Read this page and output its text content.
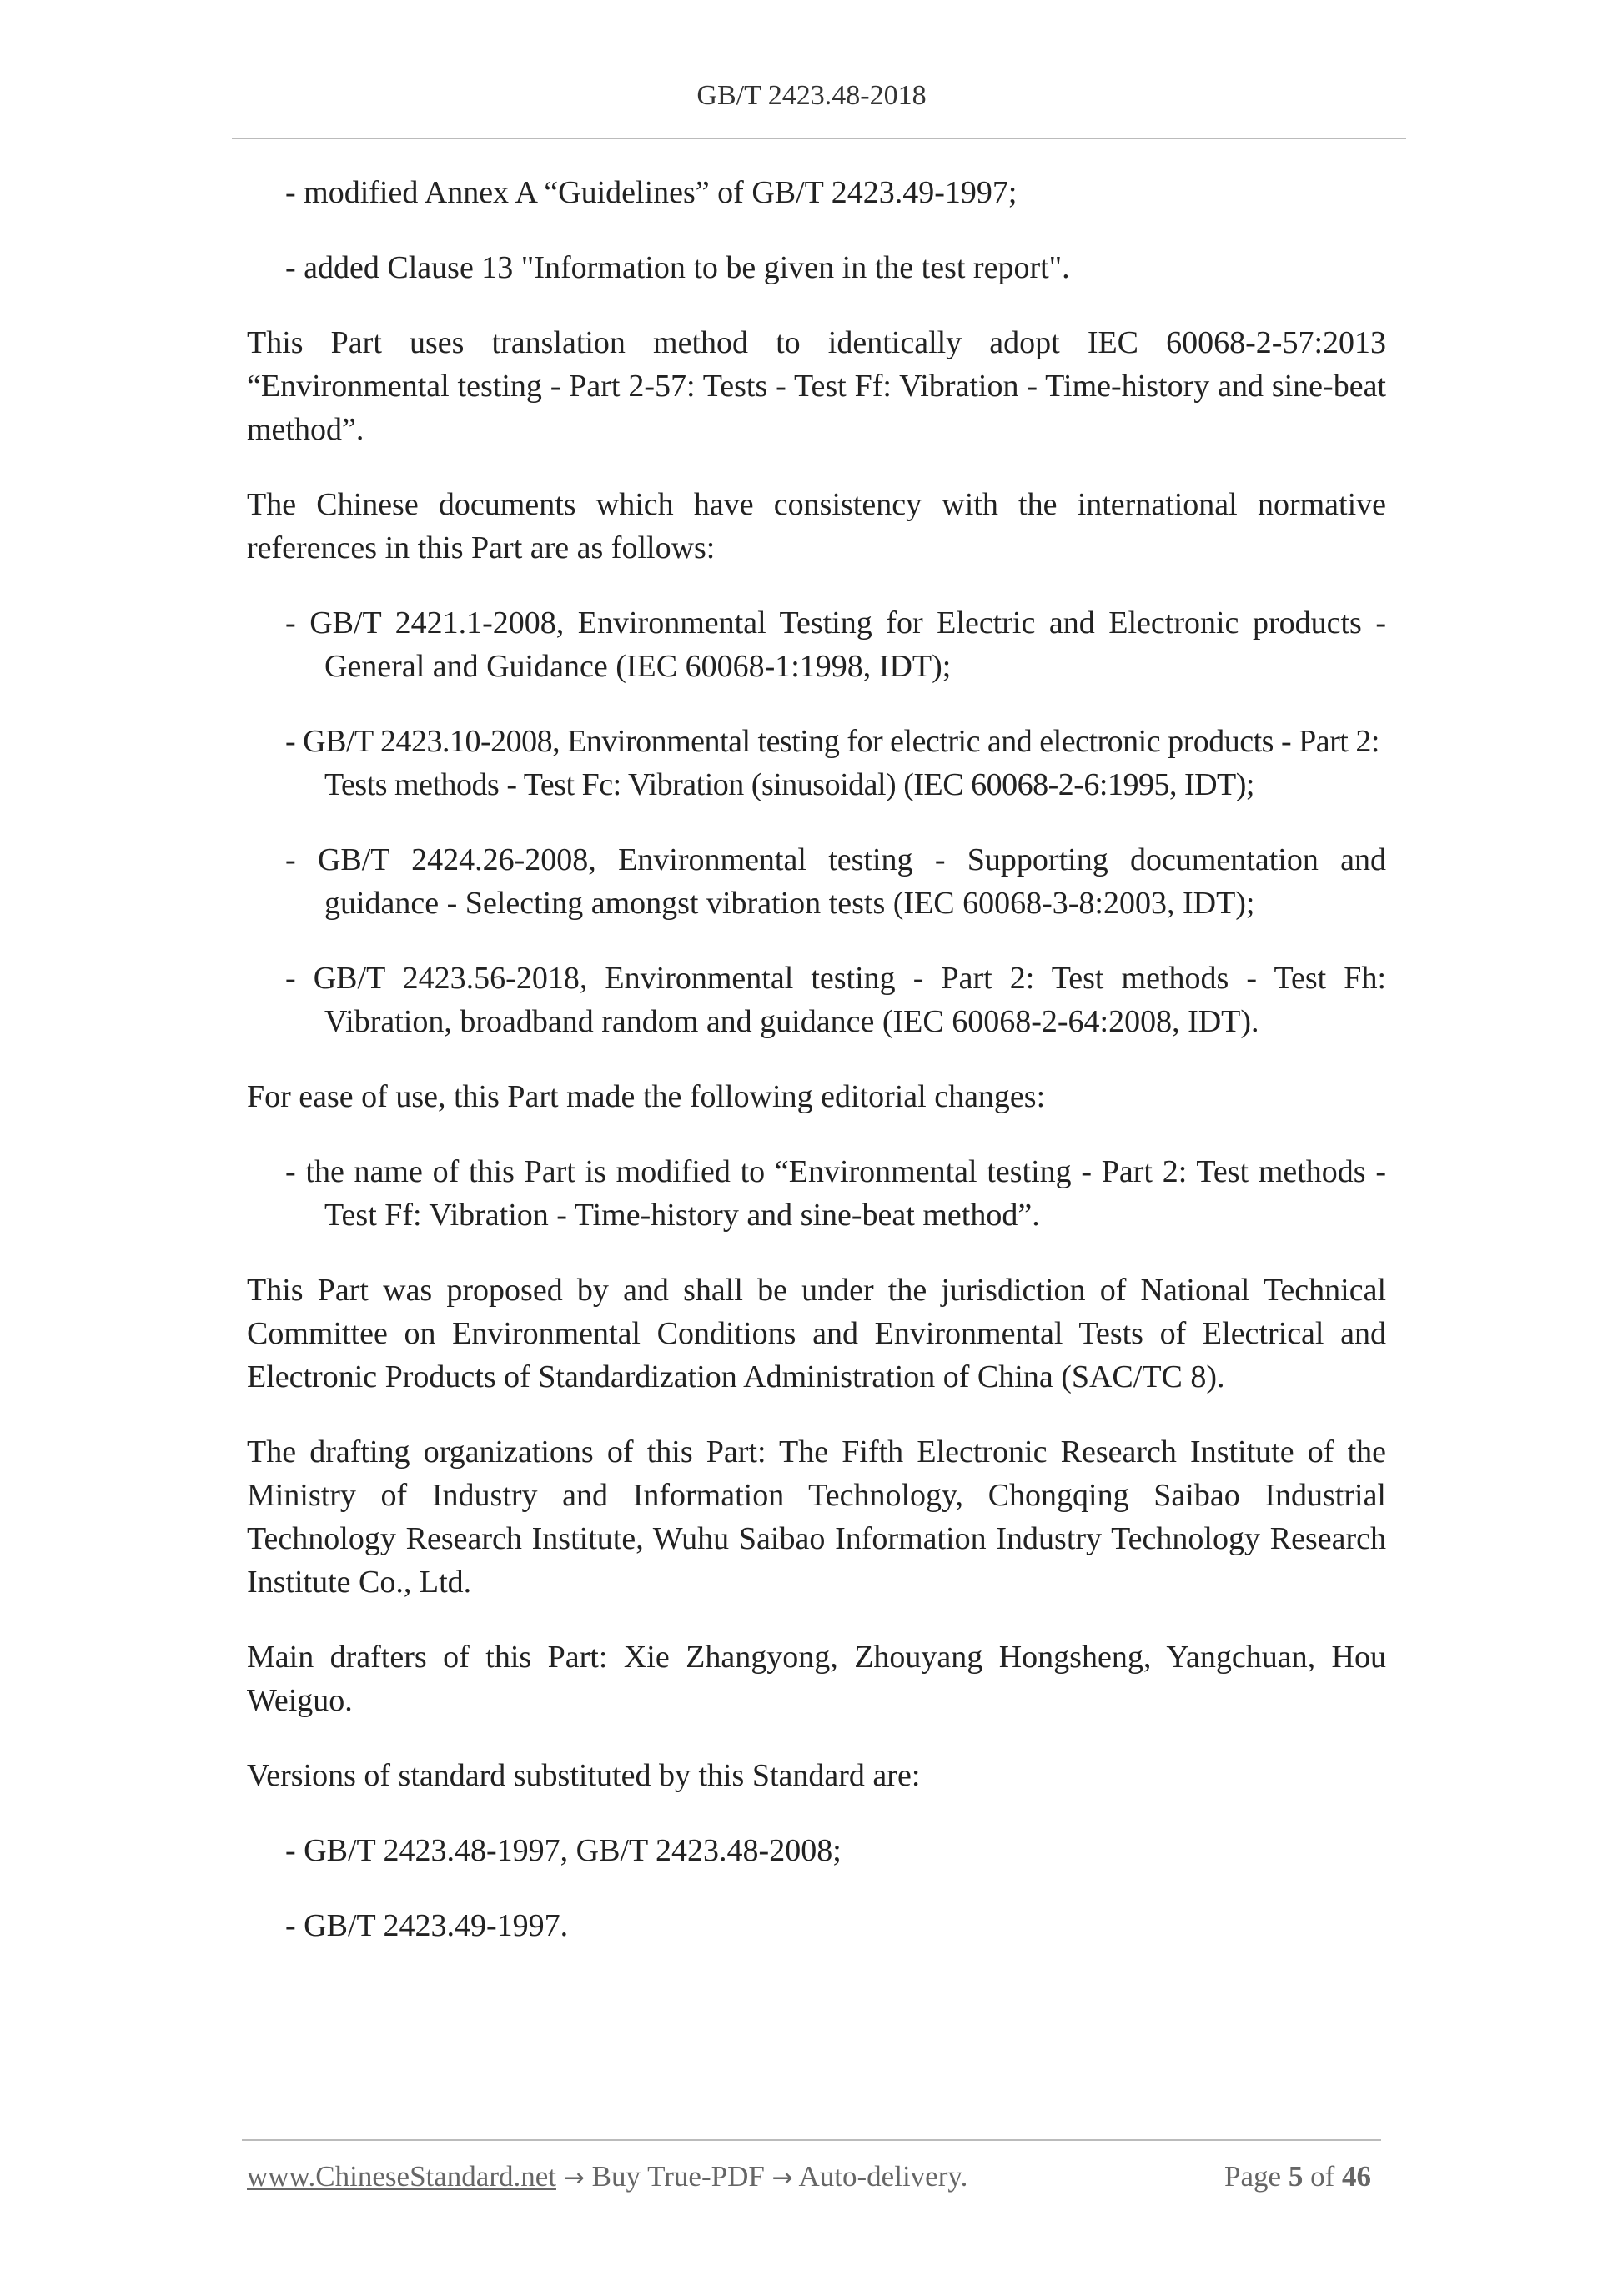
GB/T 2423.48-2018
- modified Annex A “Guidelines” of GB/T 2423.49-1997;
- added Clause 13 "Information to be given in the test report".

This Part uses translation method to identically adopt IEC 60068-2-57:2013 “Environmental testing - Part 2-57: Tests - Test Ff: Vibration - Time-history and sine-beat method”.

The Chinese documents which have consistency with the international normative references in this Part are as follows:

- GB/T 2421.1-2008, Environmental Testing for Electric and Electronic products - General and Guidance (IEC 60068-1:1998, IDT);
- GB/T 2423.10-2008, Environmental testing for electric and electronic products - Part 2: Tests methods - Test Fc: Vibration (sinusoidal) (IEC 60068-2-6:1995, IDT);
- GB/T 2424.26-2008, Environmental testing - Supporting documentation and guidance - Selecting amongst vibration tests (IEC 60068-3-8:2003, IDT);
- GB/T 2423.56-2018, Environmental testing - Part 2: Test methods - Test Fh: Vibration, broadband random and guidance (IEC 60068-2-64:2008, IDT).

For ease of use, this Part made the following editorial changes:

- the name of this Part is modified to “Environmental testing - Part 2: Test methods - Test Ff: Vibration - Time-history and sine-beat method”.

This Part was proposed by and shall be under the jurisdiction of National Technical Committee on Environmental Conditions and Environmental Tests of Electrical and Electronic Products of Standardization Administration of China (SAC/TC 8).

The drafting organizations of this Part: The Fifth Electronic Research Institute of the Ministry of Industry and Information Technology, Chongqing Saibao Industrial Technology Research Institute, Wuhu Saibao Information Industry Technology Research Institute Co., Ltd.

Main drafters of this Part: Xie Zhangyong, Zhouyang Hongsheng, Yangchuan, Hou Weiguo.

Versions of standard substituted by this Standard are:

- GB/T 2423.48-1997, GB/T 2423.48-2008;
- GB/T 2423.49-1997.
www.ChineseStandard.net → Buy True-PDF → Auto-delivery.	Page 5 of 46
